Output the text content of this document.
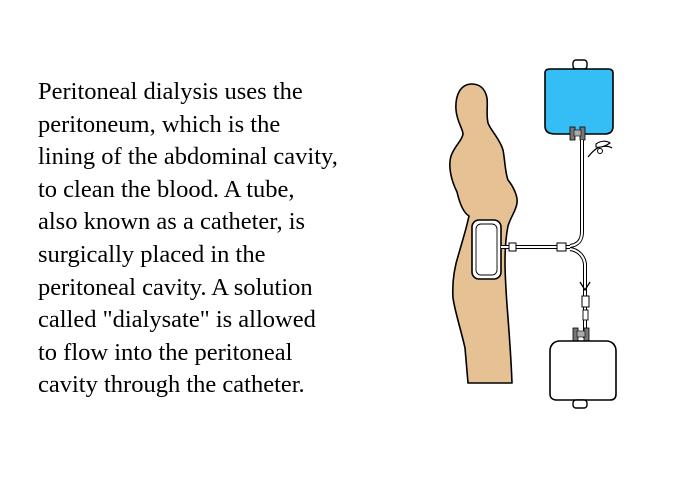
Peritoneal dialysis uses the
peritoneum, which is the
lining of the abdominal cavity,
to clean the blood. A tube,
also known as a catheter, is
surgically placed in the
peritoneal cavity. A solution
called "dialysate" is allowed
to flow into the peritoneal
cavity through the catheter.
